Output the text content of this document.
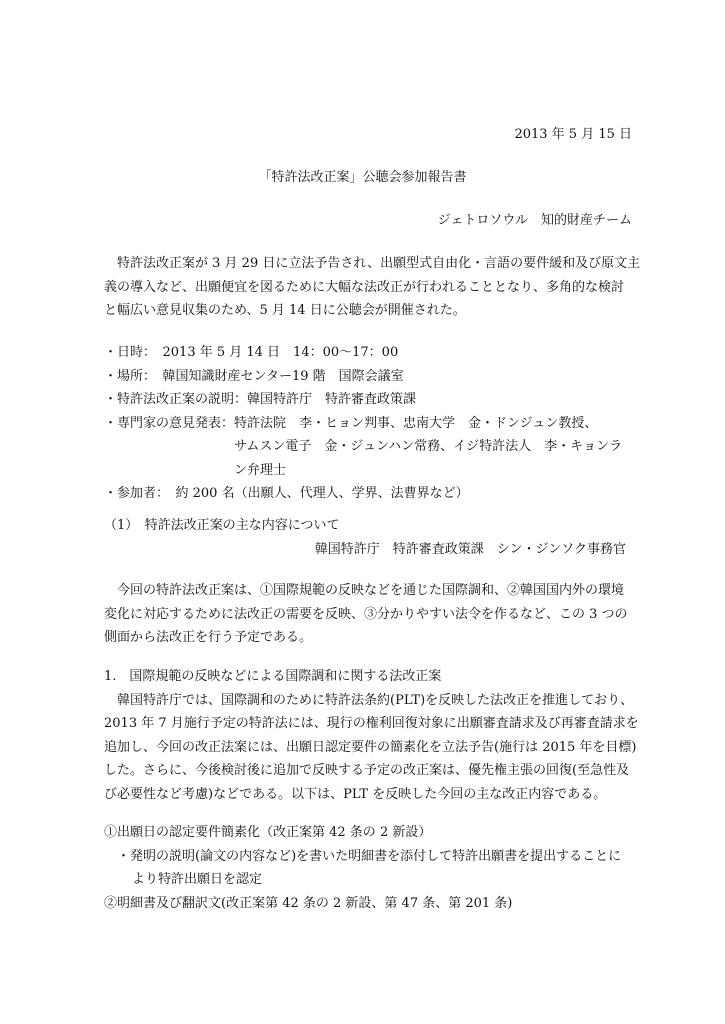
2013 年 5 月 15 日
「特許法改正案」公聴会参加報告書
ジェトロソウル　知的財産チーム
特許法改正案が 3 月 29 日に立法予告され、出願型式自由化・言語の要件緩和及び原文主
義の導入など、出願便宜を図るために大幅な法改正が行われることとなり、多角的な検討
と幅広い意見収集のため、5 月 14 日に公聴会が開催された。
・日時：　2013 年 5 月 14 日　14：00～17：00
・場所：　韓国知識財産センター19 階　国際会議室
・特許法改正案の説明：韓国特許庁　特許審査政策課
・専門家の意見発表：特許法院　李・ヒョン判事、忠南大学　金・ドンジュン教授、
サムスン電子　金・ジュンハン常務、イジ特許法人　李・キョンラ
ン弁理士
・参加者：　約 200 名（出願人、代理人、学界、法曹界など）
（1）　特許法改正案の主な内容について
韓国特許庁　特許審査政策課　シン・ジンソク事務官
今回の特許法改正案は、①国際規範の反映などを通じた国際調和、②韓国国内外の環境
変化に対応するために法改正の需要を反映、③分かりやすい法令を作るなど、この 3 つの
側面から法改正を行う予定である。
1.　国際規範の反映などによる国際調和に関する法改正案
韓国特許庁では、国際調和のために特許法条約(PLT)を反映した法改正を推進しており、
2013 年 7 月施行予定の特許法には、現行の権利回復対象に出願審査請求及び再審査請求を
追加し、今回の改正法案には、出願日認定要件の簡素化を立法予告(施行は 2015 年を目標)
した。さらに、今後検討後に追加で反映する予定の改正案は、優先権主張の回復(至急性及
び必要性など考慮)などである。以下は、PLT を反映した今回の主な改正内容である。
①出願日の認定要件簡素化（改正案第 42 条の 2 新設）
・発明の説明(論文の内容など)を書いた明細書を添付して特許出願書を提出することに
より特許出願日を認定
②明細書及び翻訳文(改正案第 42 条の 2 新設、第 47 条、第 201 条)
